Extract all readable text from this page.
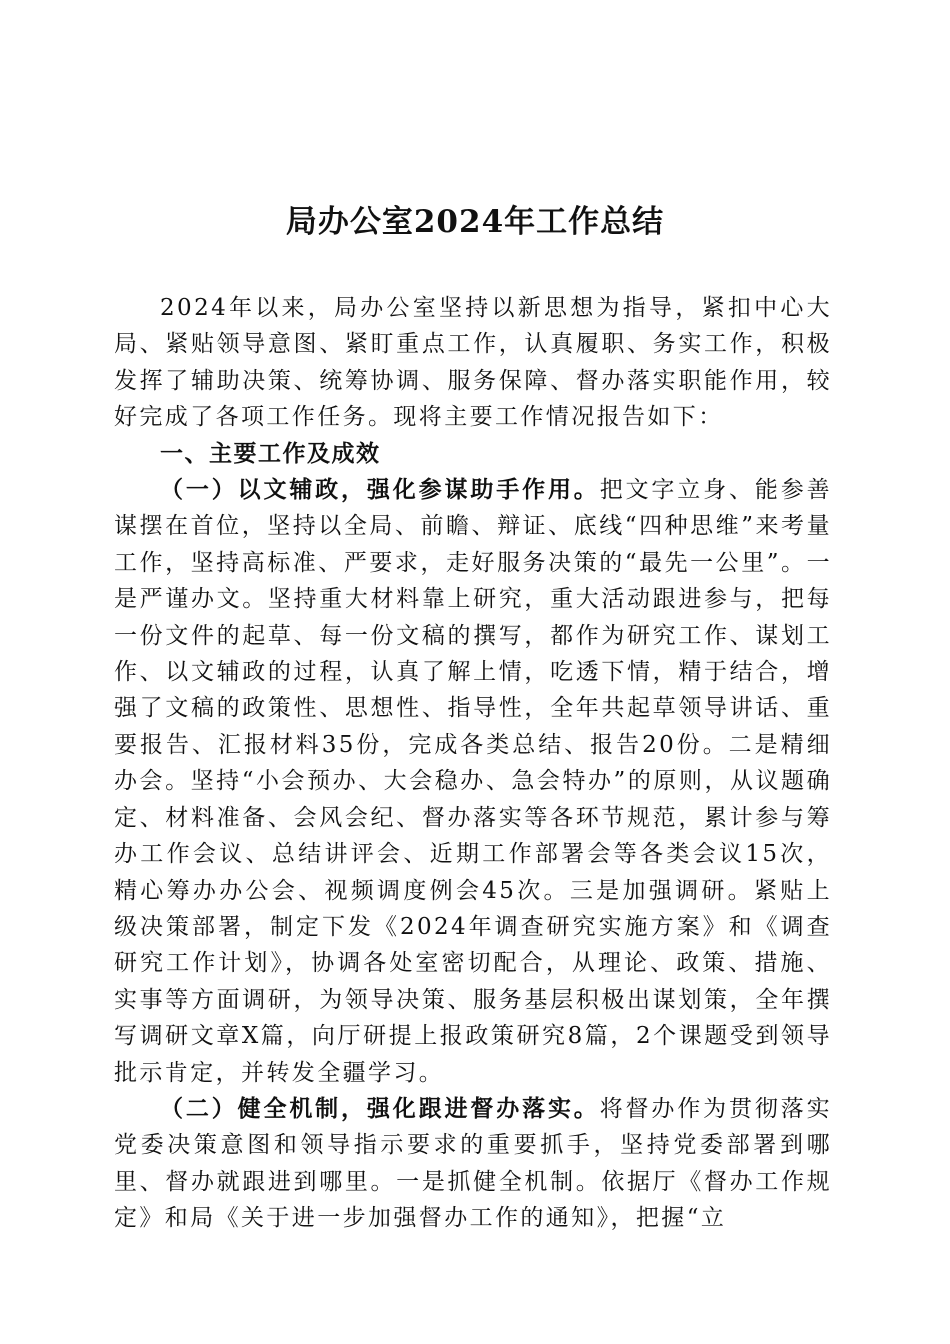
局办公室2024年工作总结

2024年以来，局办公室坚持以新思想为指导，紧扣中心大局、紧贴领导意图、紧盯重点工作，认真履职、务实工作，积极发挥了辅助决策、统筹协调、服务保障、督办落实职能作用，较好完成了各项工作任务。现将主要工作情况报告如下：

一、主要工作及成效

（一）以文辅政，强化参谋助手作用。把文字立身、能参善谋摆在首位，坚持以全局、前瞻、辩证、底线“四种思维”来考量工作，坚持高标准、严要求，走好服务决策的“最先一公里”。一是严谨办文。坚持重大材料靠上研究，重大活动跟进参与，把每一份文件的起草、每一份文稿的撰写，都作为研究工作、谋划工作、以文辅政的过程，认真了解上情，吃透下情，精于结合，增强了文稿的政策性、思想性、指导性，全年共起草领导讲话、重要报告、汇报材料35份，完成各类总结、报告20份。二是精细办会。坚持“小会预办、大会稳办、急会特办”的原则，从议题确定、材料准备、会风会纪、督办落实等各环节规范，累计参与筹办工作会议、总结讲评会、近期工作部署会等各类会议15次，精心筹办办公会、视频调度例会45次。三是加强调研。紧贴上级决策部署，制定下发《2024年调查研究实施方案》和《调查研究工作计划》，协调各处室密切配合，从理论、政策、措施、实事等方面调研，为领导决策、服务基层积极出谋划策，全年撰写调研文章X篇，向厅研提上报政策研究8篇，2个课题受到领导批示肯定，并转发全疆学习。

（二）健全机制，强化跟进督办落实。将督办作为贯彻落实党委决策意图和领导指示要求的重要抓手，坚持党委部署到哪里、督办就跟进到哪里。一是抓健全机制。依据厅《督办工作规定》和局《关于进一步加强督办工作的通知》，把握“立
